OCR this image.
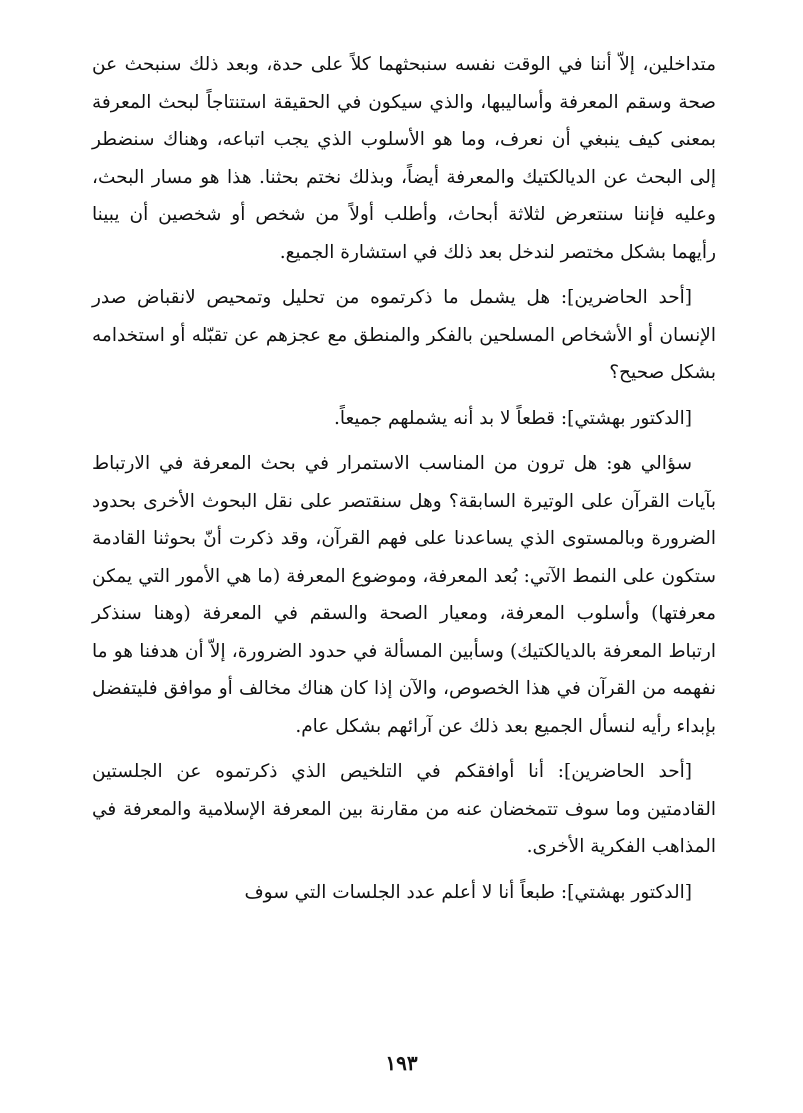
متداخلين، إلاّ أننا في الوقت نفسه سنبحثهما كلاً على حدة، وبعد ذلك سنبحث عن صحة وسقم المعرفة وأساليبها، والذي سيكون في الحقيقة استنتاجاً لبحث المعرفة بمعنى كيف ينبغي أن نعرف، وما هو الأسلوب الذي يجب اتباعه، وهناك سنضطر إلى البحث عن الديالكتيك والمعرفة أيضاً، وبذلك نختم بحثنا. هذا هو مسار البحث، وعليه فإننا سنتعرض لثلاثة أبحاث، وأطلب أولاً من شخص أو شخصين أن يبينا رأيهما بشكل مختصر لندخل بعد ذلك في استشارة الجميع.

[أحد الحاضرين]: هل يشمل ما ذكرتموه من تحليل وتمحيص لانقباض صدر الإنسان أو الأشخاص المسلحين بالفكر والمنطق مع عجزهم عن تقبّله أو استخدامه بشكل صحيح؟

[الدكتور بهشتي]: قطعاً لا بد أنه يشملهم جميعاً.

سؤالي هو: هل ترون من المناسب الاستمرار في بحث المعرفة في الارتباط بآيات القرآن على الوتيرة السابقة؟ وهل سنقتصر على نقل البحوث الأخرى بحدود الضرورة وبالمستوى الذي يساعدنا على فهم القرآن، وقد ذكرت أنّ بحوثنا القادمة ستكون على النمط الآتي: بُعد المعرفة، وموضوع المعرفة (ما هي الأمور التي يمكن معرفتها) وأسلوب المعرفة، ومعيار الصحة والسقم في المعرفة (وهنا سنذكر ارتباط المعرفة بالديالكتيك) وسأبين المسألة في حدود الضرورة، إلاّ أن هدفنا هو ما نفهمه من القرآن في هذا الخصوص، والآن إذا كان هناك مخالف أو موافق فليتفضل بإبداء رأيه لنسأل الجميع بعد ذلك عن آرائهم بشكل عام.

[أحد الحاضرين]: أنا أوافقكم في التلخيص الذي ذكرتموه عن الجلستين القادمتين وما سوف تتمخضان عنه من مقارنة بين المعرفة الإسلامية والمعرفة في المذاهب الفكرية الأخرى.

[الدكتور بهشتي]: طبعاً أنا لا أعلم عدد الجلسات التي سوف

١٩٣
